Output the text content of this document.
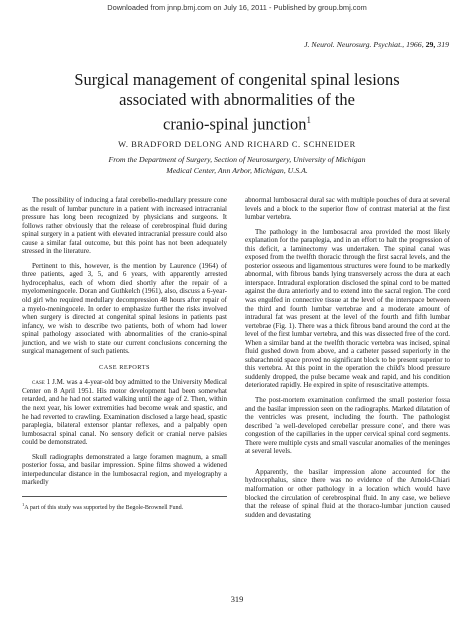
Downloaded from jnnp.bmj.com on July 16, 2011 - Published by group.bmj.com
J. Neurol. Neurosurg. Psychiat., 1966, 29, 319
Surgical management of congenital spinal lesions
associated with abnormalities of the
cranio-spinal junction$^1$
W. BRADFORD DELONG AND RICHARD C. SCHNEIDER
From the Department of Surgery, Section of Neurosurgery, University of Michigan
Medical Center, Ann Arbor, Michigan, U.S.A.

The possibility of inducing a fatal cerebello-medullary pressure cone as the result of lumbar puncture in a patient with increased intracranial pressure has long been recognized by physicians and surgeons. It follows rather obviously that the release of cerebrospinal fluid during spinal surgery in a patient with elevated intracranial pressure could also cause a similar fatal outcome, but this point has not been adequately stressed in the literature.

Pertinent to this, however, is the mention by Laurence (1964) of three patients, aged 3, 5, and 6 years, with apparently arrested hydrocephalus, each of whom died shortly after the repair of a myelomeningocele. Doran and Guthkelch (1961), also, discuss a 6-year-old girl who required medullary decompression 48 hours after repair of a myelo-meningocele. In order to emphasize further the risks involved when surgery is directed at congenital spinal lesions in patients past infancy, we wish to describe two patients, both of whom had lower spinal pathology associated with abnormalities of the cranio-spinal junction, and we wish to state our current conclusions concerning the surgical management of such patients.

CASE REPORTS

case 1 J.M. was a 4-year-old boy admitted to the University Medical Center on 8 April 1951. His motor development had been somewhat retarded, and he had not started walking until the age of 2. Then, within the next year, his lower extremities had become weak and spastic, and he had reverted to crawling. Examination disclosed a large head, spastic paraplegia, bilateral extensor plantar reflexes, and a palpably open lumbosacral spinal canal. No sensory deficit or cranial nerve palsies could be demonstrated.

Skull radiographs demonstrated a large foramen magnum, a small posterior fossa, and basilar impression. Spine films showed a widened interpeduncular distance in the lumbosacral region, and myelography a markedly

$^1$A part of this study was supported by the Begole-Brownell Fund.

abnormal lumbosacral dural sac with multiple pouches of dura at several levels and a block to the superior flow of contrast material at the first lumbar vertebra.

The pathology in the lumbosacral area provided the most likely explanation for the paraplegia, and in an effort to halt the progression of this deficit, a laminectomy was undertaken. The spinal canal was exposed from the twelfth thoracic through the first sacral levels, and the posterior osseous and ligamentous structures were found to be markedly abnormal, with fibrous bands lying transversely across the dura at each interspace. Intradural exploration disclosed the spinal cord to be matted against the dura anteriorly and to extend into the sacral region. The cord was engulfed in connective tissue at the level of the interspace between the third and fourth lumbar vertebrae and a moderate amount of intradural fat was present at the level of the fourth and fifth lumbar vertebrae (Fig. 1). There was a thick fibrous band around the cord at the level of the first lumbar vertebra, and this was dissected free of the cord. When a similar band at the twelfth thoracic vertebra was incised, spinal fluid gushed down from above, and a catheter passed superiorly in the subarachnoid space proved no significant block to be present superior to this vertebra. At this point in the operation the child's blood pressure suddenly dropped, the pulse became weak and rapid, and his condition deteriorated rapidly. He expired in spite of resuscitative attempts.

The post-mortem examination confirmed the small posterior fossa and the basilar impression seen on the radiographs. Marked dilatation of the ventricles was present, including the fourth. The pathologist described 'a well-developed cerebellar pressure cone', and there was congestion of the capillaries in the upper cervical spinal cord segments. There were multiple cysts and small vascular anomalies of the meninges at several levels.

Apparently, the basilar impression alone accounted for the hydrocephalus, since there was no evidence of the Arnold-Chiari malformation or other pathology in a location which would have blocked the circulation of cerebrospinal fluid. In any case, we believe that the release of spinal fluid at the thoraco-lumbar junction caused sudden and devastating

319
